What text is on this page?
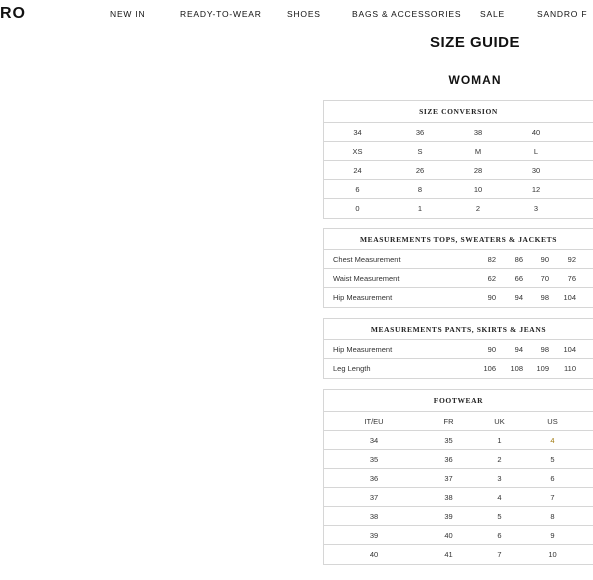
RO	NEW IN	READY-TO-WEAR	SHOES	BAGS & ACCESSORIES SALE	SANDRO F
SIZE GUIDE
WOMAN
SIZE CONVERSION
34	36	38	40
XS	S	M	L
24	26	28	30
6	8	10	12
0	1	2	3
MEASUREMENTS TOPS, SWEATERS & JACKETS
Chest Measurement	82	86	90	92
Waist Measurement	62	66	70	76
Hip Measurement	90	94	98	104
MEASUREMENTS PANTS, SKIRTS & JEANS
Hip Measurement	90	94	98	104
Leg Length	106	108	109	110
FOOTWEAR
IT/EU	FR	UK	US
34	35	1	4
35	36	2	5
36	37	3	6
37	38	4	7
38	39	5	8
39	40	6	9
40	41	7	10
